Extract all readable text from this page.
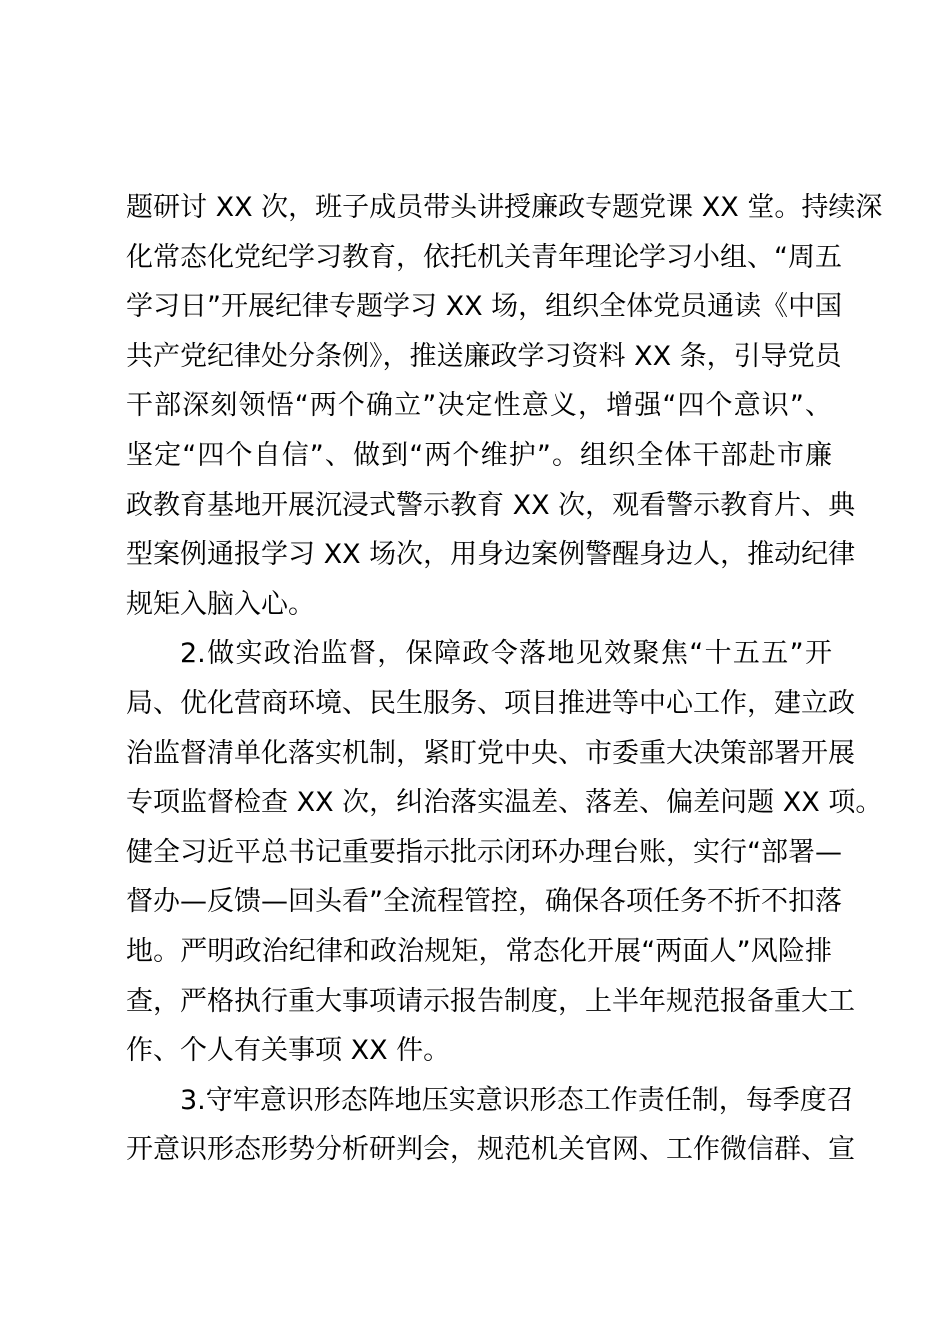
题研讨 XX 次，班子成员带头讲授廉政专题党课 XX 堂。持续深
化常态化党纪学习教育，依托机关青年理论学习小组、“周五
学习日”开展纪律专题学习 XX 场，组织全体党员通读《中国
共产党纪律处分条例》，推送廉政学习资料 XX 条，引导党员
干部深刻领悟“两个确立”决定性意义，增强“四个意识”、
坚定“四个自信”、做到“两个维护”。组织全体干部赴市廉
政教育基地开展沉浸式警示教育 XX 次，观看警示教育片、典
型案例通报学习 XX 场次，用身边案例警醒身边人，推动纪律
规矩入脑入心。
2.做实政治监督，保障政令落地见效聚焦“十五五”开
局、优化营商环境、民生服务、项目推进等中心工作，建立政
治监督清单化落实机制，紧盯党中央、市委重大决策部署开展
专项监督检查 XX 次，纠治落实温差、落差、偏差问题 XX 项。
健全习近平总书记重要指示批示闭环办理台账，实行“部署—
督办—反馈—回头看”全流程管控，确保各项任务不折不扣落
地。严明政治纪律和政治规矩，常态化开展“两面人”风险排
查，严格执行重大事项请示报告制度，上半年规范报备重大工
作、个人有关事项 XX 件。
3.守牢意识形态阵地压实意识形态工作责任制，每季度召
开意识形态形势分析研判会，规范机关官网、工作微信群、宣
